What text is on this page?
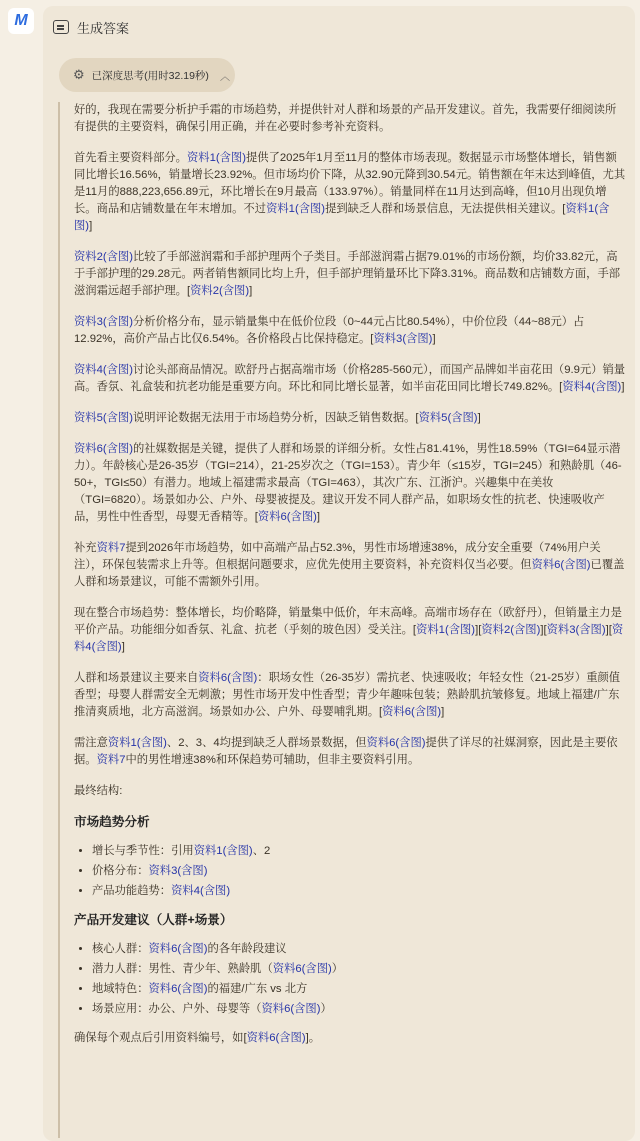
M	生成答案
⚙ 已深度思考(用时32.19秒) ︿

好的，我现在需要分析护手霜的市场趋势，并提供针对人群和场景的产品开发建议。首先，我需要仔细阅读所有提供的主要资料，确保引用正确，并在必要时参考补充资料。

首先看主要资料部分。资料1(含图)提供了2025年1月至11月的整体市场表现。数据显示市场整体增长，销售额同比增长16.56%，销量增长23.92%。但市场均价下降，从32.90元降到30.54元。销售额在年末达到峰值，尤其是11月的888,223,656.89元，环比增长在9月最高（133.97%）。销量同样在11月达到高峰，但10月出现负增长。商品和店铺数量在年末增加。不过资料1(含图)提到缺乏人群和场景信息，无法提供相关建议。[资料1(含图)]

资料2(含图)比较了手部滋润霜和手部护理两个子类目。手部滋润霜占据79.01%的市场份额，均价33.82元，高于手部护理的29.28元。两者销售额同比均上升，但手部护理销量环比下降3.31%。商品数和店铺数方面，手部滋润霜远超手部护理。[资料2(含图)]

资料3(含图)分析价格分布，显示销量集中在低价位段（0~44元占比80.54%），中价位段（44~88元）占12.92%，高价产品占比仅6.54%。各价格段占比保持稳定。[资料3(含图)]

资料4(含图)讨论头部商品情况。欧舒丹占据高端市场（价格285-560元），而国产品牌如半亩花田（9.9元）销量高。香氛、礼盒装和抗老功能是重要方向。环比和同比增长显著，如半亩花田同比增长749.82%。[资料4(含图)]

资料5(含图)说明评论数据无法用于市场趋势分析，因缺乏销售数据。[资料5(含图)]

资料6(含图)的社媒数据是关键，提供了人群和场景的详细分析。女性占81.41%，男性18.59%（TGI=64显示潜力）。年龄核心是26-35岁（TGI=214），21-25岁次之（TGI=153）。青少年（≤15岁，TGI=245）和熟龄肌（46-50+，TGI≤50）有潜力。地域上福建需求最高（TGI=463），其次广东、江浙沪。兴趣集中在美妆（TGI=6820）。场景如办公、户外、母婴被提及。建议开发不同人群产品，如职场女性的抗老、快速吸收产品，男性中性香型，母婴无香精等。[资料6(含图)]

补充资料7提到2026年市场趋势，如中高端产品占52.3%，男性市场增速38%，成分安全重要（74%用户关注），环保包装需求上升等。但根据问题要求，应优先使用主要资料，补充资料仅当必要。但资料6(含图)已覆盖人群和场景建议，可能不需额外引用。

现在整合市场趋势：整体增长，均价略降，销量集中低价，年末高峰。高端市场存在（欧舒丹），但销量主力是平价产品。功能细分如香氛、礼盒、抗老（乎刻的玻色因）受关注。[资料1(含图)][资料2(含图)][资料3(含图)][资料4(含图)]

人群和场景建议主要来自资料6(含图)：职场女性（26-35岁）需抗老、快速吸收；年轻女性（21-25岁）重颜值香型；母婴人群需安全无刺激；男性市场开发中性香型；青少年趣味包装；熟龄肌抗皱修复。地域上福建/广东推清爽质地，北方高滋润。场景如办公、户外、母婴哺乳期。[资料6(含图)]

需注意资料1(含图)、2、3、4均提到缺乏人群场景数据，但资料6(含图)提供了详尽的社媒洞察，因此是主要依据。资料7中的男性增速38%和环保趋势可辅助，但非主要资料引用。

最终结构:

市场趋势分析
• 增长与季节性：引用资料1(含图)、2
• 价格分布：资料3(含图)
• 产品功能趋势：资料4(含图)
产品开发建议（人群+场景）
• 核心人群：资料6(含图)的各年龄段建议
• 潜力人群：男性、青少年、熟龄肌（资料6(含图)）
• 地域特色：资料6(含图)的福建/广东 vs 北方
• 场景应用：办公、户外、母婴等（资料6(含图)）

确保每个观点后引用资料编号，如[资料6(含图)]。
